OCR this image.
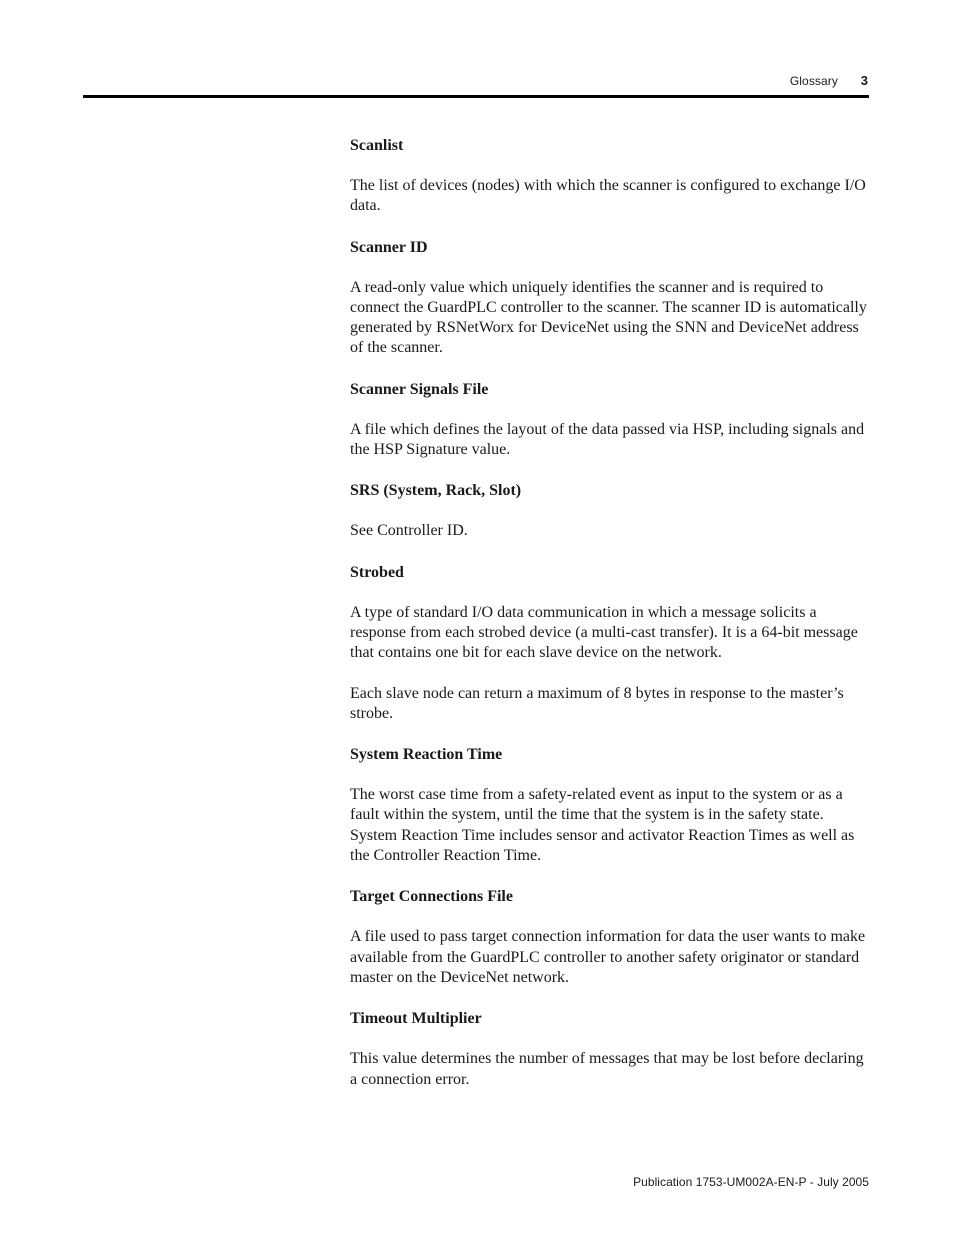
Glossary 3
Scanlist

The list of devices (nodes) with which the scanner is configured to exchange I/O data.

Scanner ID

A read-only value which uniquely identifies the scanner and is required to connect the GuardPLC controller to the scanner. The scanner ID is automatically generated by RSNetWorx for DeviceNet using the SNN and DeviceNet address of the scanner.

Scanner Signals File

A file which defines the layout of the data passed via HSP, including signals and the HSP Signature value.

SRS (System, Rack, Slot)

See Controller ID.

Strobed

A type of standard I/O data communication in which a message solicits a response from each strobed device (a multi-cast transfer). It is a 64-bit message that contains one bit for each slave device on the network.

Each slave node can return a maximum of 8 bytes in response to the master’s strobe.

System Reaction Time

The worst case time from a safety-related event as input to the system or as a fault within the system, until the time that the system is in the safety state. System Reaction Time includes sensor and activator Reaction Times as well as the Controller Reaction Time.

Target Connections File

A file used to pass target connection information for data the user wants to make available from the GuardPLC controller to another safety originator or standard master on the DeviceNet network.

Timeout Multiplier

This value determines the number of messages that may be lost before declaring a connection error.

Publication 1753-UM002A-EN-P - July 2005
